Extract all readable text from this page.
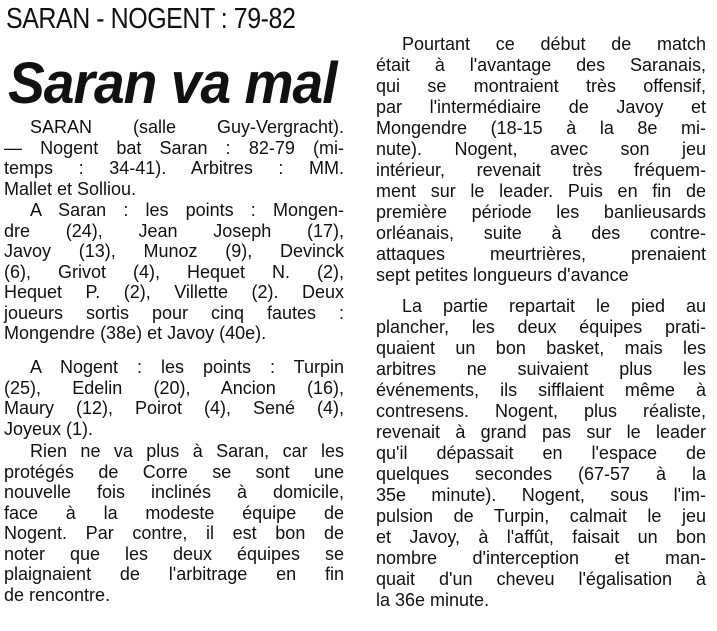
SARAN - NOGENT : 79-82
Saran va mal
SARAN (salle Guy-Vergracht).
— Nogent bat Saran : 82-79 (mi-
temps : 34-41). Arbitres : MM.
Mallet et Solliou.
A Saran : les points : Mongen-
dre (24), Jean Joseph (17),
Javoy (13), Munoz (9), Devinck
(6), Grivot (4), Hequet N. (2),
Hequet P. (2), Villette (2). Deux
joueurs sortis pour cinq fautes :
Mongendre (38e) et Javoy (40e).
A Nogent : les points : Turpin
(25), Edelin (20), Ancion (16),
Maury (12), Poirot (4), Sené (4),
Joyeux (1).
Rien ne va plus à Saran, car les
protégés de Corre se sont une
nouvelle fois inclinés à domicile,
face à la modeste équipe de
Nogent. Par contre, il est bon de
noter que les deux équipes se
plaignaient de l'arbitrage en fin
de rencontre.
Pourtant ce début de match
était à l'avantage des Saranais,
qui se montraient très offensif,
par l'intermédiaire de Javoy et
Mongendre (18-15 à la 8e mi-
nute). Nogent, avec son jeu
intérieur, revenait très fréquem-
ment sur le leader. Puis en fin de
première période les banlieusards
orléanais, suite à des contre-
attaques meurtrières, prenaient
sept petites longueurs d'avance
La partie repartait le pied au
plancher, les deux équipes prati-
quaient un bon basket, mais les
arbitres ne suivaient plus les
événements, ils sifflaient même à
contresens. Nogent, plus réaliste,
revenait à grand pas sur le leader
qu'il dépassait en l'espace de
quelques secondes (67-57 à la
35e minute). Nogent, sous l'im-
pulsion de Turpin, calmait le jeu
et Javoy, à l'affût, faisait un bon
nombre d'interception et man-
quait d'un cheveu l'égalisation à
la 36e minute.
